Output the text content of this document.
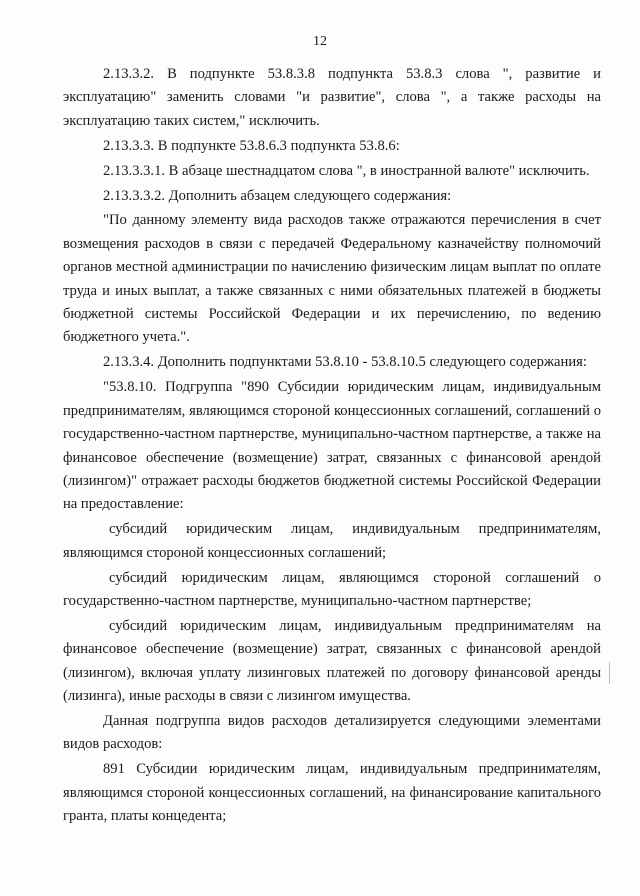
12

2.13.3.2. В подпункте 53.8.3.8 подпункта 53.8.3 слова ", развитие и эксплуатацию" заменить словами "и развитие", слова ", а также расходы на эксплуатацию таких систем," исключить.

2.13.3.3. В подпункте 53.8.6.3 подпункта 53.8.6:

2.13.3.3.1. В абзаце шестнадцатом слова ", в иностранной валюте" исключить.

2.13.3.3.2. Дополнить абзацем следующего содержания:

"По данному элементу вида расходов также отражаются перечисления в счет возмещения расходов в связи с передачей Федеральному казначейству полномочий органов местной администрации по начислению физическим лицам выплат по оплате труда и иных выплат, а также связанных с ними обязательных платежей в бюджеты бюджетной системы Российской Федерации и их перечислению, по ведению бюджетного учета.".

2.13.3.4. Дополнить подпунктами 53.8.10 - 53.8.10.5 следующего содержания:

"53.8.10. Подгруппа "890 Субсидии юридическим лицам, индивидуальным предпринимателям, являющимся стороной концессионных соглашений, соглашений о государственно-частном партнерстве, муниципально-частном партнерстве, а также на финансовое обеспечение (возмещение) затрат, связанных с финансовой арендой (лизингом)" отражает расходы бюджетов бюджетной системы Российской Федерации на предоставление:

субсидий юридическим лицам, индивидуальным предпринимателям, являющимся стороной концессионных соглашений;

субсидий юридическим лицам, являющимся стороной соглашений о государственно-частном партнерстве, муниципально-частном партнерстве;

субсидий юридическим лицам, индивидуальным предпринимателям на финансовое обеспечение (возмещение) затрат, связанных с финансовой арендой (лизингом), включая уплату лизинговых платежей по договору финансовой аренды (лизинга), иные расходы в связи с лизингом имущества.

Данная подгруппа видов расходов детализируется следующими элементами видов расходов:

891 Субсидии юридическим лицам, индивидуальным предпринимателям, являющимся стороной концессионных соглашений, на финансирование капитального гранта, платы концедента;
